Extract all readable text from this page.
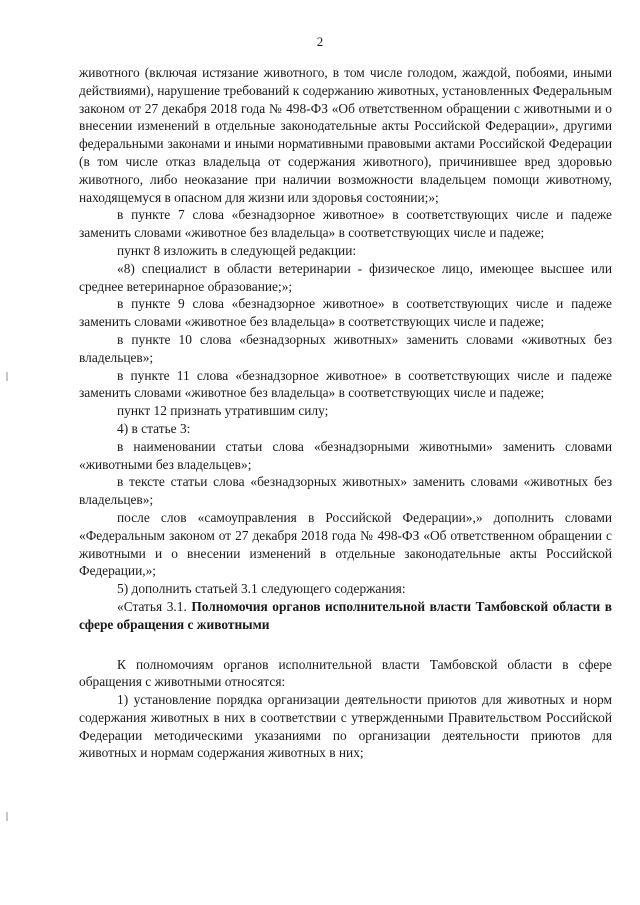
2

животного (включая истязание животного, в том числе голодом, жаждой, побоями, иными действиями), нарушение требований к содержанию животных, установленных Федеральным законом от 27 декабря 2018 года № 498-ФЗ «Об ответственном обращении с животными и о внесении изменений в отдельные законодательные акты Российской Федерации», другими федеральными законами и иными нормативными правовыми актами Российской Федерации (в том числе отказ владельца от содержания животного), причинившее вред здоровью животного, либо неоказание при наличии возможности владельцем помощи животному, находящемуся в опасном для жизни или здоровья состоянии;»;

в пункте 7 слова «безнадзорное животное» в соответствующих числе и падеже заменить словами «животное без владельца» в соответствующих числе и падеже;

пункт 8 изложить в следующей редакции:

«8) специалист в области ветеринарии - физическое лицо, имеющее высшее или среднее ветеринарное образование;»;

в пункте 9 слова «безнадзорное животное» в соответствующих числе и падеже заменить словами «животное без владельца» в соответствующих числе и падеже;

в пункте 10 слова «безнадзорных животных» заменить словами «животных без владельцев»;

в пункте 11 слова «безнадзорное животное» в соответствующих числе и падеже заменить словами «животное без владельца» в соответствующих числе и падеже;

пункт 12 признать утратившим силу;

4) в статье 3:

в наименовании статьи слова «безнадзорными животными» заменить словами «животными без владельцев»;

в тексте статьи слова «безнадзорных животных» заменить словами «животных без владельцев»;

после слов «самоуправления в Российской Федерации»,» дополнить словами «Федеральным законом от 27 декабря 2018 года № 498-ФЗ «Об ответственном обращении с животными и о внесении изменений в отдельные законодательные акты Российской Федерации,»;

5) дополнить статьей 3.1 следующего содержания:

«Статья 3.1. Полномочия органов исполнительной власти Тамбовской области в сфере обращения с животными

К полномочиям органов исполнительной власти Тамбовской области в сфере обращения с животными относятся:

1) установление порядка организации деятельности приютов для животных и норм содержания животных в них в соответствии с утвержденными Правительством Российской Федерации методическими указаниями по организации деятельности приютов для животных и нормам содержания животных в них;
